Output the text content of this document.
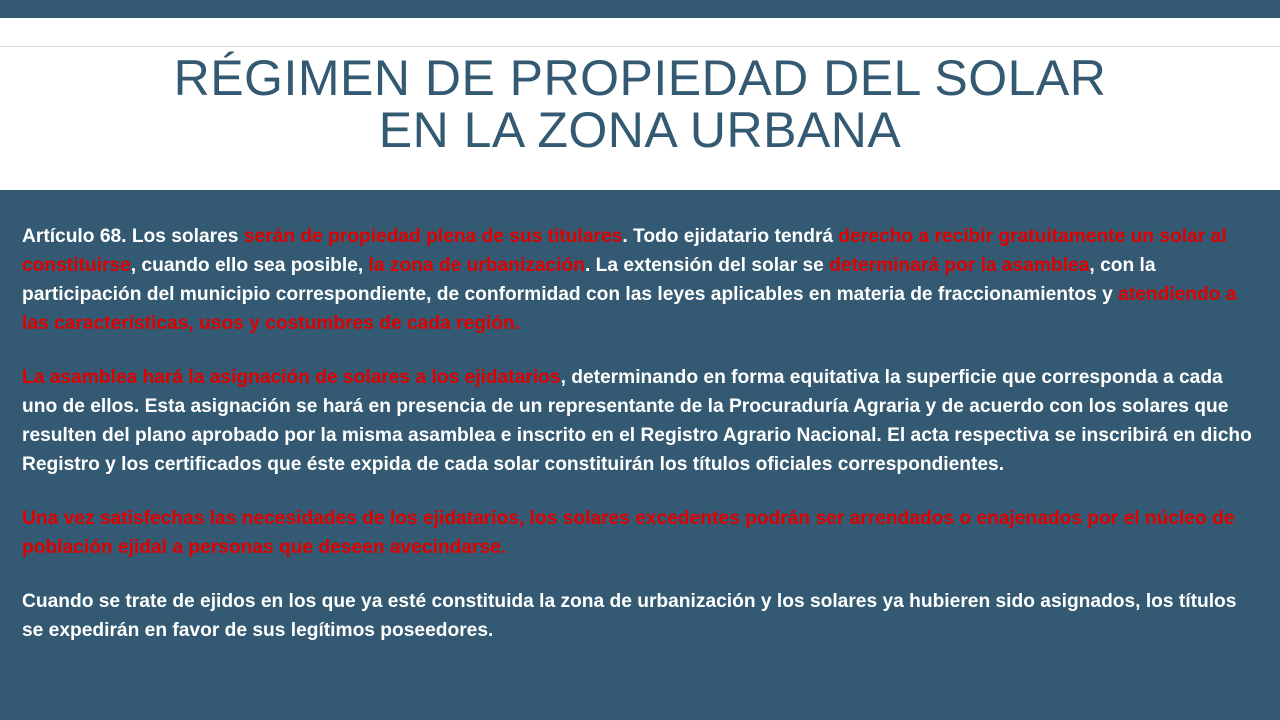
RÉGIMEN DE PROPIEDAD DEL SOLAR
EN LA ZONA URBANA

Artículo 68. Los solares serán de propiedad plena de sus titulares. Todo ejidatario tendrá derecho a recibir gratuitamente un solar al constituirse, cuando ello sea posible, la zona de urbanización. La extensión del solar se determinará por la asamblea, con la participación del municipio correspondiente, de conformidad con las leyes aplicables en materia de fraccionamientos y atendiendo a las características, usos y costumbres de cada región.

La asamblea hará la asignación de solares a los ejidatarios, determinando en forma equitativa la superficie que corresponda a cada uno de ellos. Esta asignación se hará en presencia de un representante de la Procuraduría Agraria y de acuerdo con los solares que resulten del plano aprobado por la misma asamblea e inscrito en el Registro Agrario Nacional. El acta respectiva se inscribirá en dicho Registro y los certificados que éste expida de cada solar constituirán los títulos oficiales correspondientes.

Una vez satisfechas las necesidades de los ejidatarios, los solares excedentes podrán ser arrendados o enajenados por el núcleo de población ejidal a personas que deseen avecindarse.

Cuando se trate de ejidos en los que ya esté constituida la zona de urbanización y los solares ya hubieren sido asignados, los títulos se expedirán en favor de sus legítimos poseedores.
